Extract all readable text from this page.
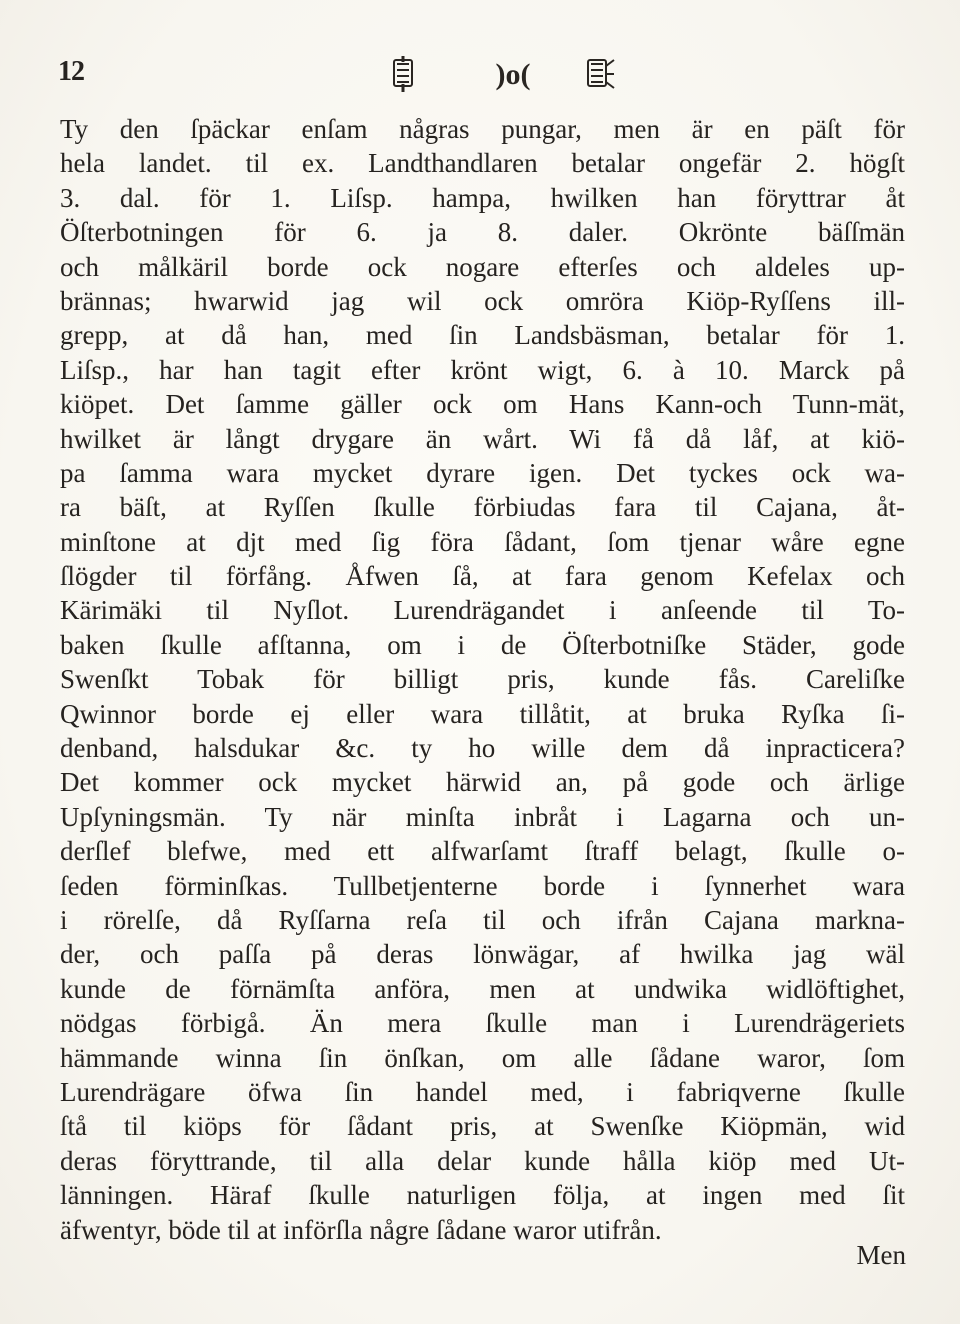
12	)o(
Ty den ſpäckar enſam någras pungar, men är en päſt för
hela landet. til ex. Landthandlaren betalar ongefär 2. högſt
3. dal. för 1. Liſsp. hampa, hwilken han föryttrar åt
Öſterbotningen för 6. ja 8. daler. Okrönte bäſſmän
och målkäril borde ock nogare efterſes och aldeles up-
brännas; hwarwid jag wil ock omröra Kiöp-Ryſſens ill-
grepp, at då han, med ſin Landsbäsman, betalar för 1.
Liſsp., har han tagit efter krönt wigt, 6. à 10. Marck på
kiöpet. Det ſamme gäller ock om Hans Kann-och Tunn-mät,
hwilket är långt drygare än wårt. Wi få då låf, at kiö-
pa ſamma wara mycket dyrare igen. Det tyckes ock wa-
ra bäſt, at Ryſſen ſkulle förbiudas fara til Cajana, åt-
minſtone at djt med ſig föra ſådant, ſom tjenar wåre egne
ſlögder til förfång. Åfwen ſå, at fara genom Kefelax och
Kärimäki til Nyſlot. Lurendrägandet i anſeende til To-
baken ſkulle afſtanna, om i de Öſterbotniſke Städer, gode
Swenſkt Tobak för billigt pris, kunde fås. Careliſke
Qwinnor borde ej eller wara tillåtit, at bruka Ryſka ſi-
denband, halsdukar &c. ty ho wille dem då inpracticera?
Det kommer ock mycket härwid an, på gode och ärlige
Upſyningsmän. Ty när minſta inbråt i Lagarna och un-
derſlef blefwe, med ett alfwarſamt ſtraff belagt, ſkulle o-
ſeden förminſkas. Tullbetjenterne borde i ſynnerhet wara
i rörelſe, då Ryſſarna reſa til och ifrån Cajana markna-
der, och paſſa på deras lönwägar, af hwilka jag wäl
kunde de förnämſta anföra, men at undwika widlöftighet,
nödgas förbigå. Än mera ſkulle man i Lurendrägeriets
hämmande winna ſin önſkan, om alle ſådane waror, ſom
Lurendrägare öfwa ſin handel med, i fabriqverne ſkulle
ſtå til kiöps för ſådant pris, at Swenſke Kiöpmän, wid
deras föryttrande, til alla delar kunde hålla kiöp med Ut-
länningen. Häraf ſkulle naturligen följa, at ingen med ſit
äfwentyr, böde til at införſla någre ſådane waror utifrån.
Men
